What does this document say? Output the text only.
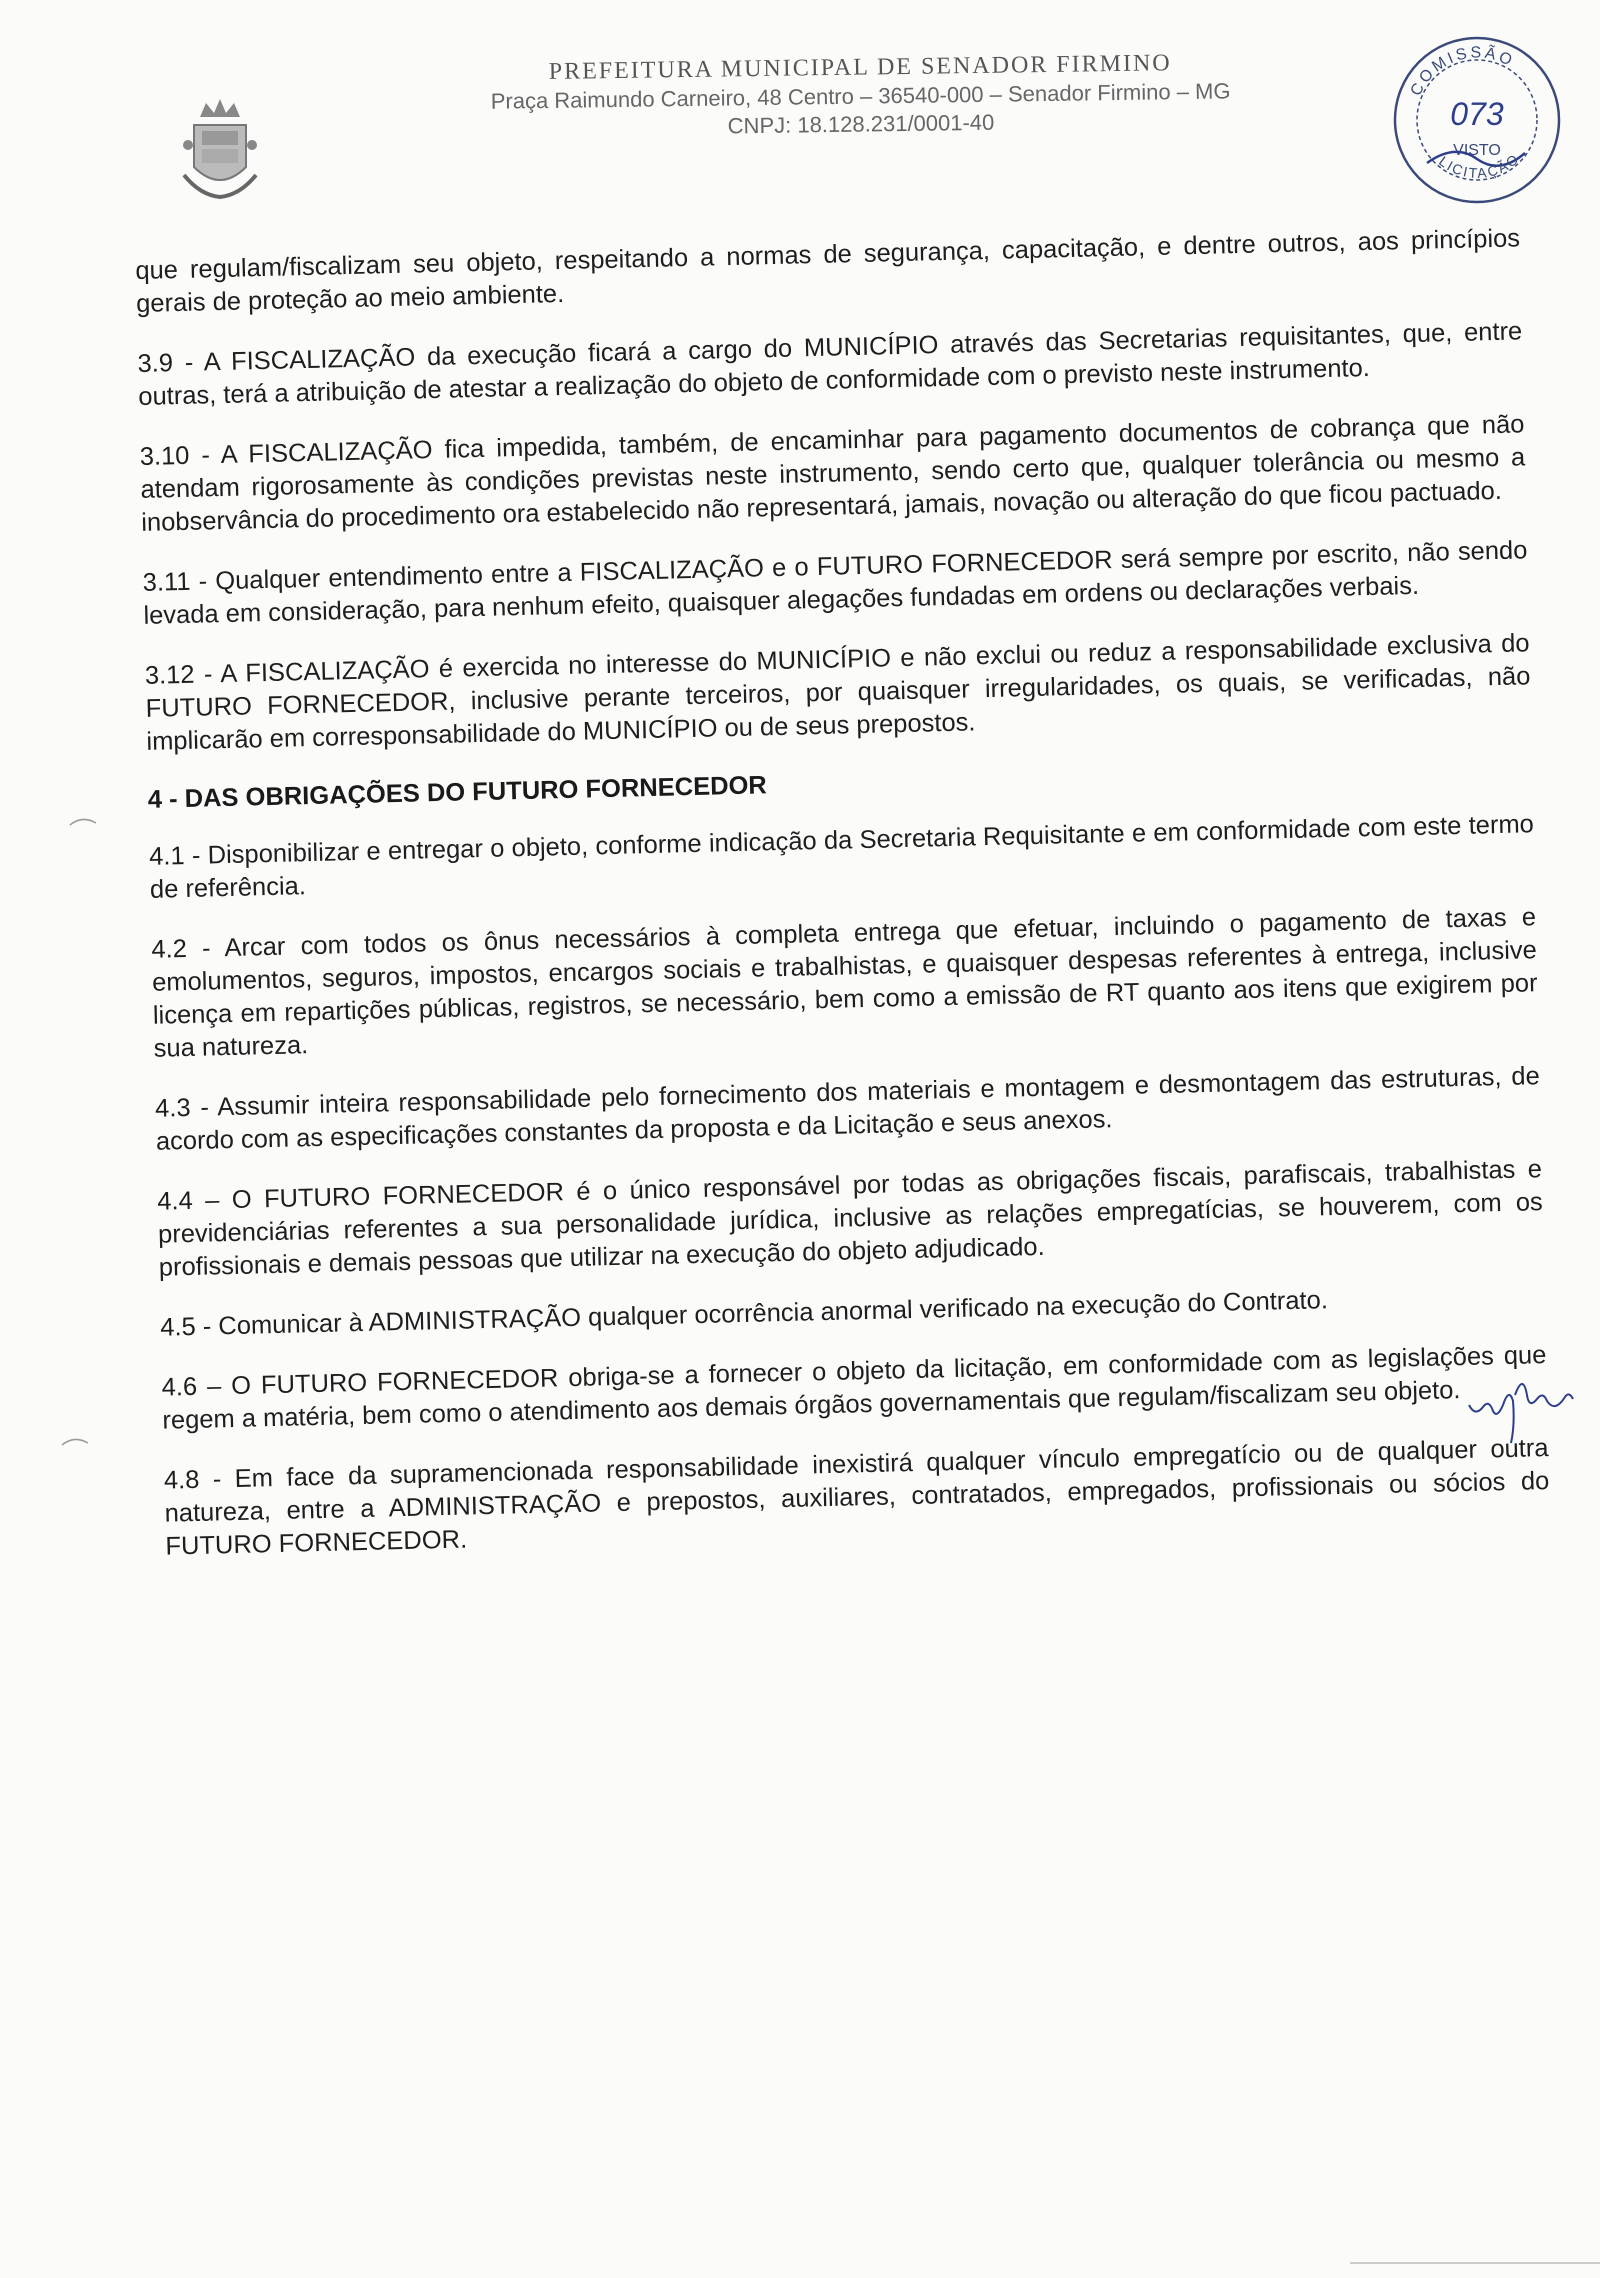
PREFEITURA MUNICIPAL DE SENADOR FIRMINO
Praça Raimundo Carneiro, 48 Centro – 36540-000 – Senador Firmino – MG
CNPJ: 18.128.231/0001-40
COMISSÃO
073
VISTO
LICITAÇÃO

que regulam/fiscalizam seu objeto, respeitando a normas de segurança, capacitação, e dentre outros, aos princípios gerais de proteção ao meio ambiente.

3.9 - A FISCALIZAÇÃO da execução ficará a cargo do MUNICÍPIO através das Secretarias requisitantes, que, entre outras, terá a atribuição de atestar a realização do objeto de conformidade com o previsto neste instrumento.

3.10 - A FISCALIZAÇÃO fica impedida, também, de encaminhar para pagamento documentos de cobrança que não atendam rigorosamente às condições previstas neste instrumento, sendo certo que, qualquer tolerância ou mesmo a inobservância do procedimento ora estabelecido não representará, jamais, novação ou alteração do que ficou pactuado.

3.11 - Qualquer entendimento entre a FISCALIZAÇÃO e o FUTURO FORNECEDOR será sempre por escrito, não sendo levada em consideração, para nenhum efeito, quaisquer alegações fundadas em ordens ou declarações verbais.

3.12 - A FISCALIZAÇÃO é exercida no interesse do MUNICÍPIO e não exclui ou reduz a responsabilidade exclusiva do FUTURO FORNECEDOR, inclusive perante terceiros, por quaisquer irregularidades, os quais, se verificadas, não implicarão em corresponsabilidade do MUNICÍPIO ou de seus prepostos.

4 - DAS OBRIGAÇÕES DO FUTURO FORNECEDOR

4.1 - Disponibilizar e entregar o objeto, conforme indicação da Secretaria Requisitante e em conformidade com este termo de referência.

4.2 - Arcar com todos os ônus necessários à completa entrega que efetuar, incluindo o pagamento de taxas e emolumentos, seguros, impostos, encargos sociais e trabalhistas, e quaisquer despesas referentes à entrega, inclusive licença em repartições públicas, registros, se necessário, bem como a emissão de RT quanto aos itens que exigirem por sua natureza.

4.3 - Assumir inteira responsabilidade pelo fornecimento dos materiais e montagem e desmontagem das estruturas, de acordo com as especificações constantes da proposta e da Licitação e seus anexos.

4.4 – O FUTURO FORNECEDOR é o único responsável por todas as obrigações fiscais, parafiscais, trabalhistas e previdenciárias referentes a sua personalidade jurídica, inclusive as relações empregatícias, se houverem, com os profissionais e demais pessoas que utilizar na execução do objeto adjudicado.

4.5 - Comunicar à ADMINISTRAÇÃO qualquer ocorrência anormal verificado na execução do Contrato.

4.6 – O FUTURO FORNECEDOR obriga-se a fornecer o objeto da licitação, em conformidade com as legislações que regem a matéria, bem como o atendimento aos demais órgãos governamentais que regulam/fiscalizam seu objeto.

4.8 - Em face da supramencionada responsabilidade inexistirá qualquer vínculo empregatício ou de qualquer outra natureza, entre a ADMINISTRAÇÃO e prepostos, auxiliares, contratados, empregados, profissionais ou sócios do FUTURO FORNECEDOR.
